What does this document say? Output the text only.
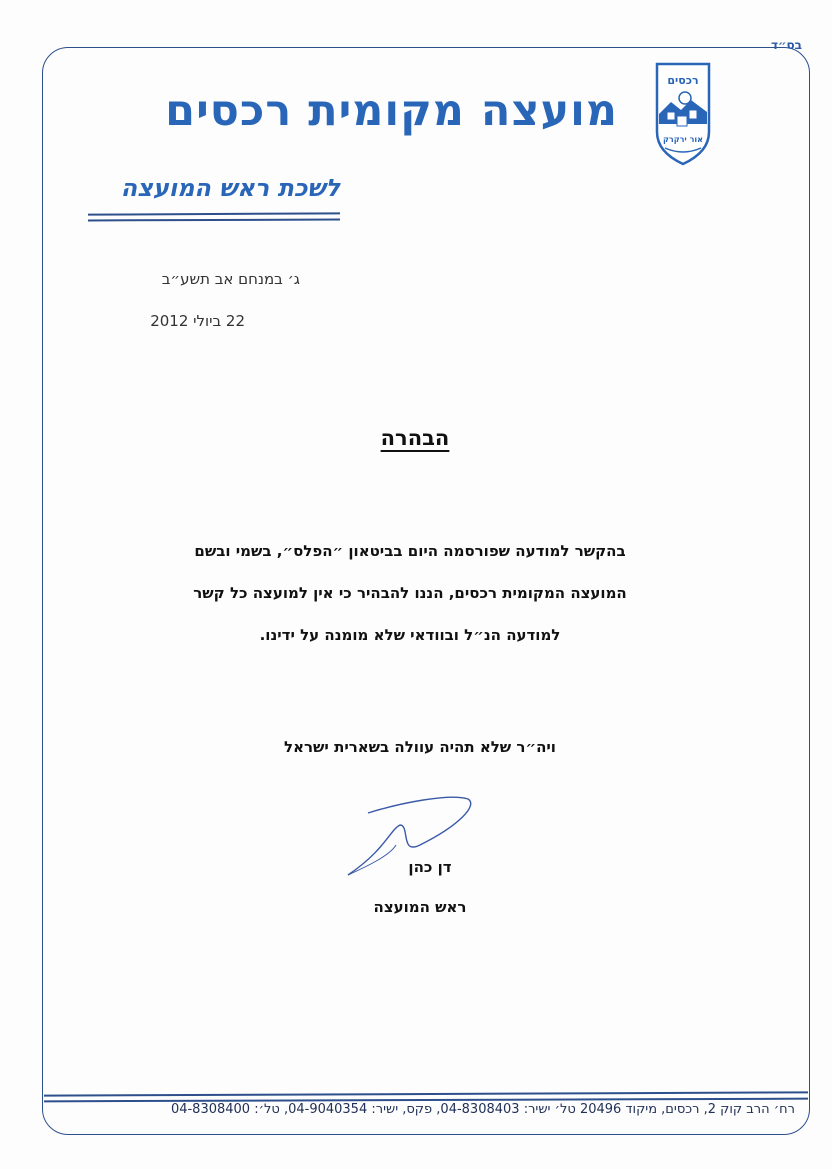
בס״ד
רכסים
אור ירקרק
מועצה מקומית רכסים
לשכת ראש המועצה
ג׳ במנחם אב תשע״ב
22 ביולי 2012
הבהרה
בהקשר למודעה שפורסמה היום בביטאון ״הפלס״, בשמי ובשם
המועצה המקומית רכסים, הננו להבהיר כי אין למועצה כל קשר
למודעה הנ״ל ובוודאי שלא מומנה על ידינו.
ויה״ר שלא תהיה עוולה בשארית ישראל
דן כהן
ראש המועצה
רח׳ הרב קוק 2, רכסים, מיקוד 20496 טל׳ ישיר: 04-8308403, פקס, ישיר: 04-9040354, טל׳: 04-8308400
